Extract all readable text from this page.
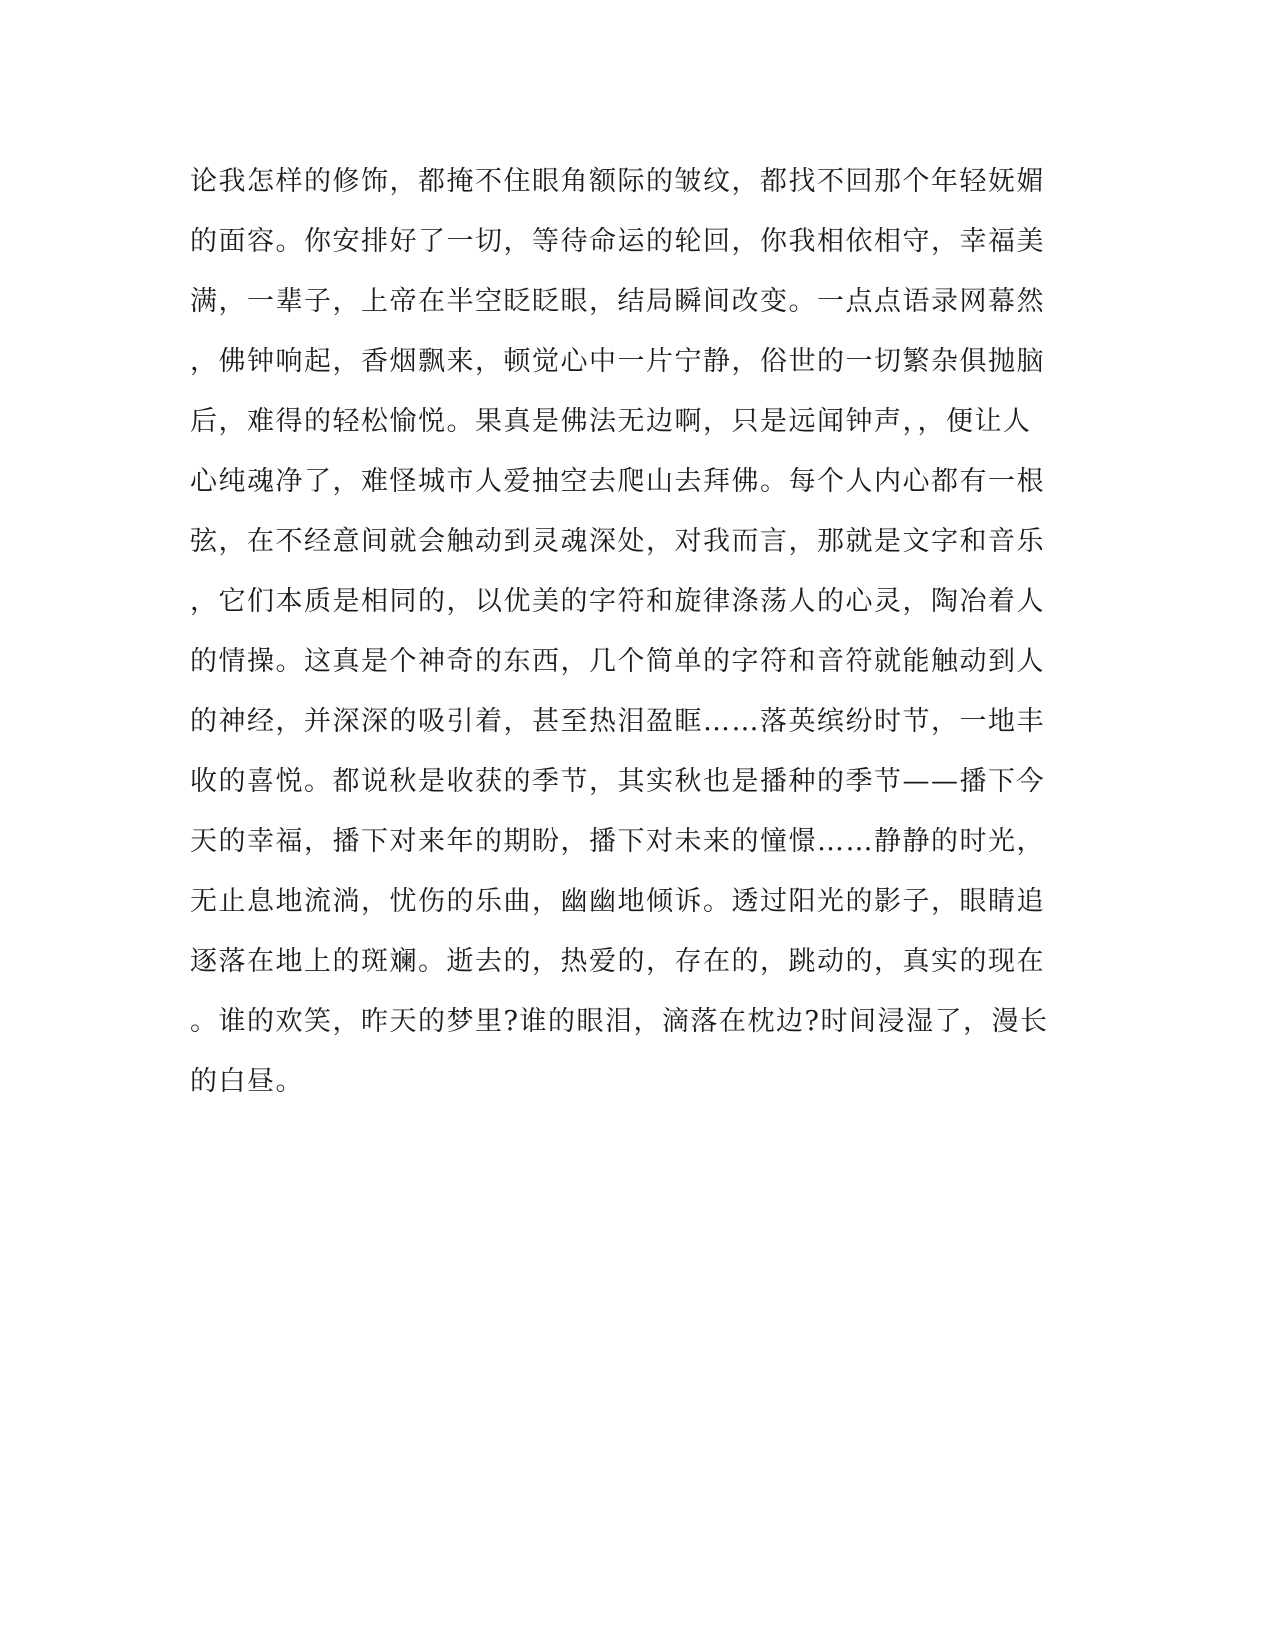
论我怎样的修饰，都掩不住眼角额际的皱纹，都找不回那个年轻妩媚
的面容。你安排好了一切，等待命运的轮回，你我相依相守，幸福美
满，一辈子，上帝在半空眨眨眼，结局瞬间改变。一点点语录网幕然
，佛钟响起，香烟飘来，顿觉心中一片宁静，俗世的一切繁杂俱抛脑
后，难得的轻松愉悦。果真是佛法无边啊，只是远闻钟声，，便让人
心纯魂净了，难怪城市人爱抽空去爬山去拜佛。每个人内心都有一根
弦，在不经意间就会触动到灵魂深处，对我而言，那就是文字和音乐
，它们本质是相同的，以优美的字符和旋律涤荡人的心灵，陶冶着人
的情操。这真是个神奇的东西，几个简单的字符和音符就能触动到人
的神经，并深深的吸引着，甚至热泪盈眶……落英缤纷时节，一地丰
收的喜悦。都说秋是收获的季节，其实秋也是播种的季节——播下今
天的幸福，播下对来年的期盼，播下对未来的憧憬……静静的时光，
无止息地流淌，忧伤的乐曲，幽幽地倾诉。透过阳光的影子，眼睛追
逐落在地上的斑斓。逝去的，热爱的，存在的，跳动的，真实的现在
。谁的欢笑，昨天的梦里?谁的眼泪，滴落在枕边?时间浸湿了，漫长
的白昼。
